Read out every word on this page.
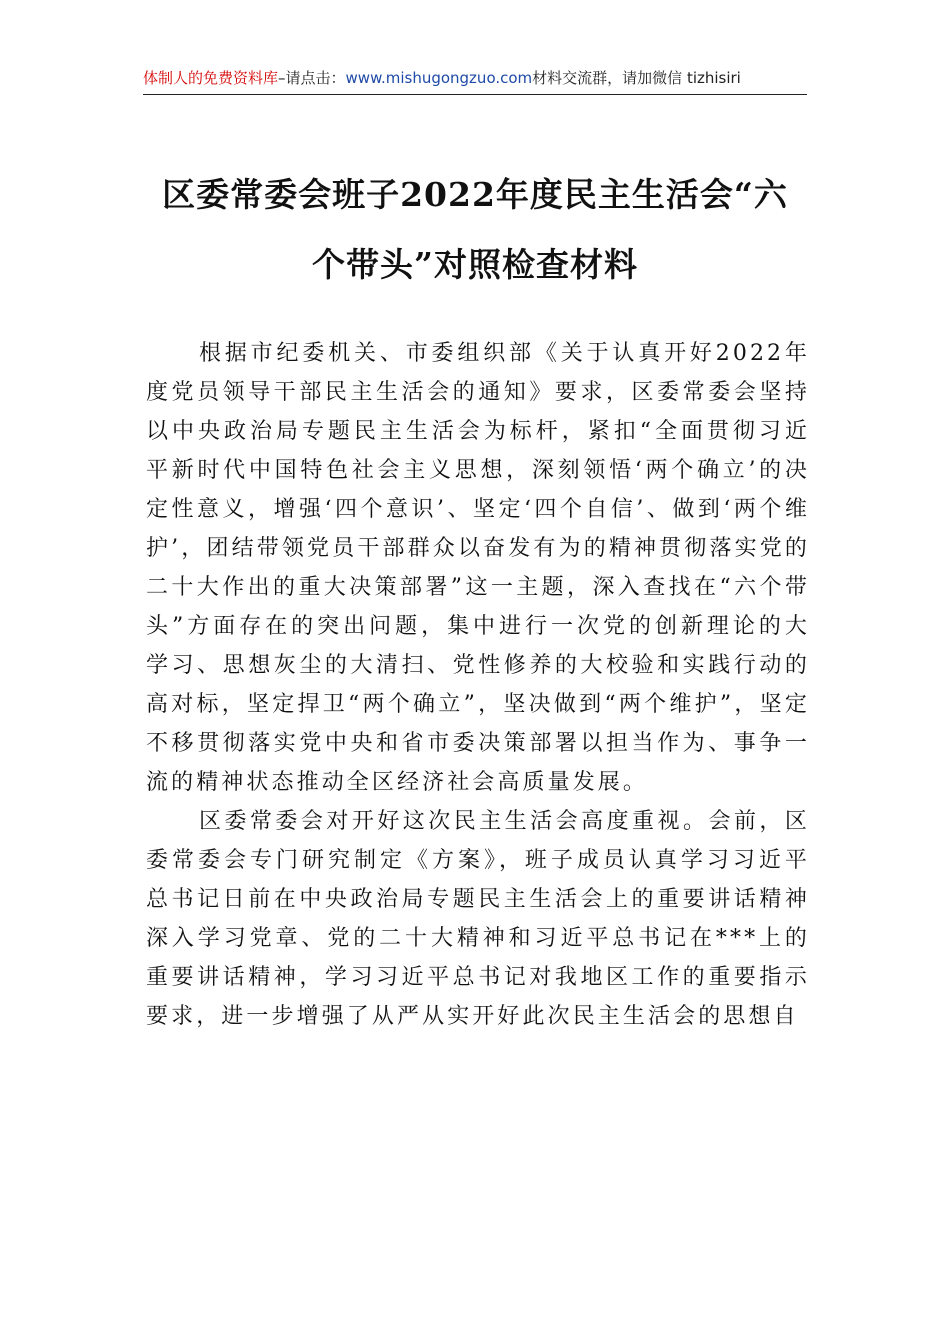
体制人的免费资料库–请点击：www.mishugongzuo.com材料交流群，请加微信 tizhisiri
区委常委会班子2022年度民主生活会“六
个带头”对照检查材料

根据市纪委机关、市委组织部《关于认真开好2022年度党员领导干部民主生活会的通知》要求，区委常委会坚持以中央政治局专题民主生活会为标杆，紧扣“全面贯彻习近平新时代中国特色社会主义思想，深刻领悟‘两个确立’的决定性意义，增强‘四个意识’、坚定‘四个自信’、做到‘两个维护’，团结带领党员干部群众以奋发有为的精神贯彻落实党的二十大作出的重大决策部署”这一主题，深入查找在“六个带头”方面存在的突出问题，集中进行一次党的创新理论的大学习、思想灰尘的大清扫、党性修养的大校验和实践行动的高对标，坚定捍卫“两个确立”，坚决做到“两个维护”，坚定不移贯彻落实党中央和省市委决策部署以担当作为、事争一流的精神状态推动全区经济社会高质量发展。

区委常委会对开好这次民主生活会高度重视。会前，区委常委会专门研究制定《方案》，班子成员认真学习习近平总书记日前在中央政治局专题民主生活会上的重要讲话精神深入学习党章、党的二十大精神和习近平总书记在***上的重要讲话精神，学习习近平总书记对我地区工作的重要指示要求，进一步增强了从严从实开好此次民主生活会的思想自
